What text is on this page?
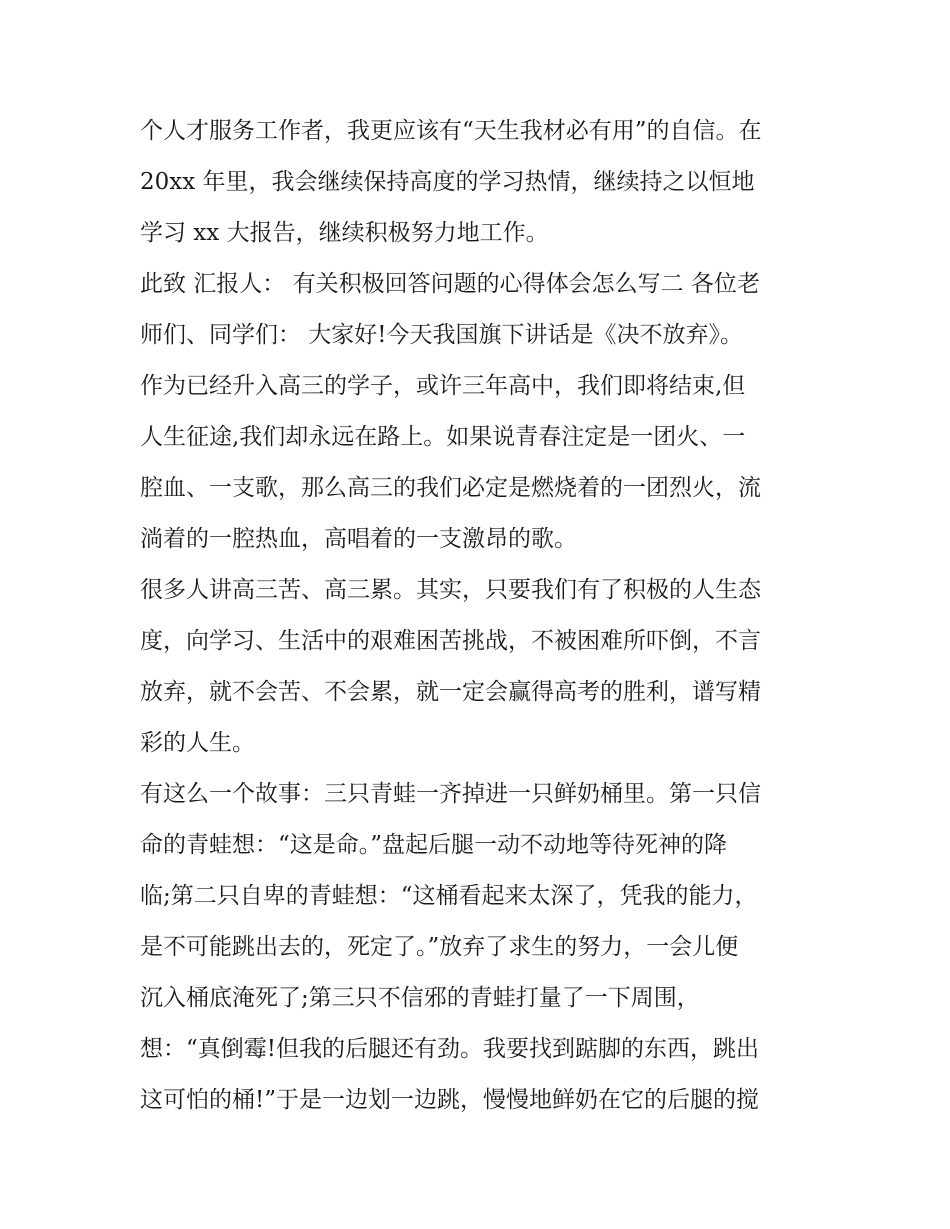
个人才服务工作者，我更应该有“天生我材必有用”的自信。在
20xx 年里，我会继续保持高度的学习热情，继续持之以恒地
学习 xx 大报告，继续积极努力地工作。
此致 汇报人： 有关积极回答问题的心得体会怎么写二 各位老
师们、同学们： 大家好!今天我国旗下讲话是《决不放弃》。
作为已经升入高三的学子，或许三年高中，我们即将结束,但
人生征途,我们却永远在路上。如果说青春注定是一团火、一
腔血、一支歌，那么高三的我们必定是燃烧着的一团烈火，流
淌着的一腔热血，高唱着的一支激昂的歌。
很多人讲高三苦、高三累。其实，只要我们有了积极的人生态
度，向学习、生活中的艰难困苦挑战，不被困难所吓倒，不言
放弃，就不会苦、不会累，就一定会赢得高考的胜利，谱写精
彩的人生。
有这么一个故事：三只青蛙一齐掉进一只鲜奶桶里。第一只信
命的青蛙想：“这是命。”盘起后腿一动不动地等待死神的降
临;第二只自卑的青蛙想：“这桶看起来太深了，凭我的能力，
是不可能跳出去的，死定了。”放弃了求生的努力，一会儿便
沉入桶底淹死了;第三只不信邪的青蛙打量了一下周围，
想：“真倒霉!但我的后腿还有劲。我要找到踮脚的东西，跳出
这可怕的桶!”于是一边划一边跳，慢慢地鲜奶在它的后腿的搅
